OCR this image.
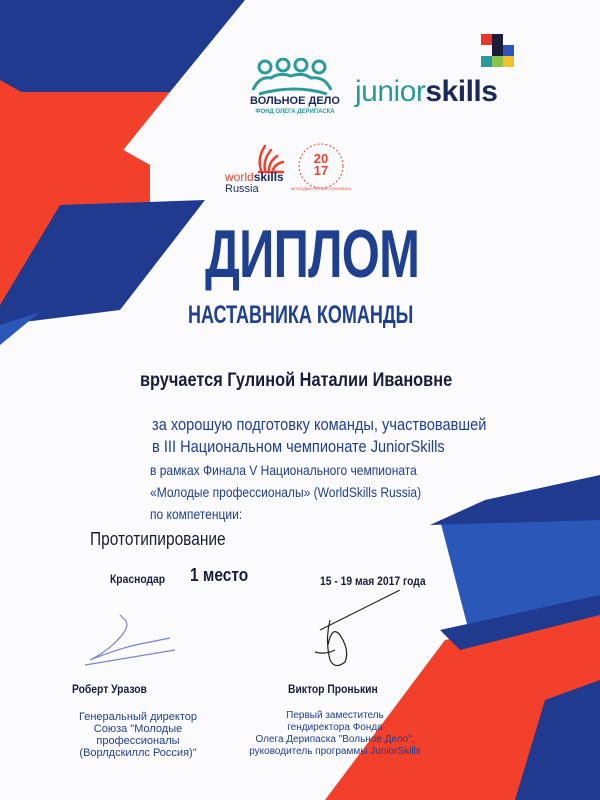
ВОЛЬНОЕ ДЕЛО
ФОНД ОЛЕГА ДЕРИПАСКА
juniorskills
worldskills
Russia
20
17
МОЛОДЫЕ ПРОФЕССИОНАЛЫ
ДИПЛОМ
НАСТАВНИКА КОМАНДЫ
вручается Гулиной Наталии Ивановне
за хорошую подготовку команды, участвовавшей
в III Национальном чемпионате JuniorSkills
в рамках Финала V Национального чемпионата
«Молодые профессионалы» (WorldSkills Russia)
по компетенции:
Прототипирование
Краснодар 1 место	15 - 19 мая 2017 года
Роберт Уразов
Генеральный директор
Союза "Молодые профессионалы
(Ворлдскиллс Россия)"
Виктор Пронькин
Первый заместитель
гендиректора Фонда
Олега Дерипаска "Вольное Дело",
руководитель программы JuniorSkills
